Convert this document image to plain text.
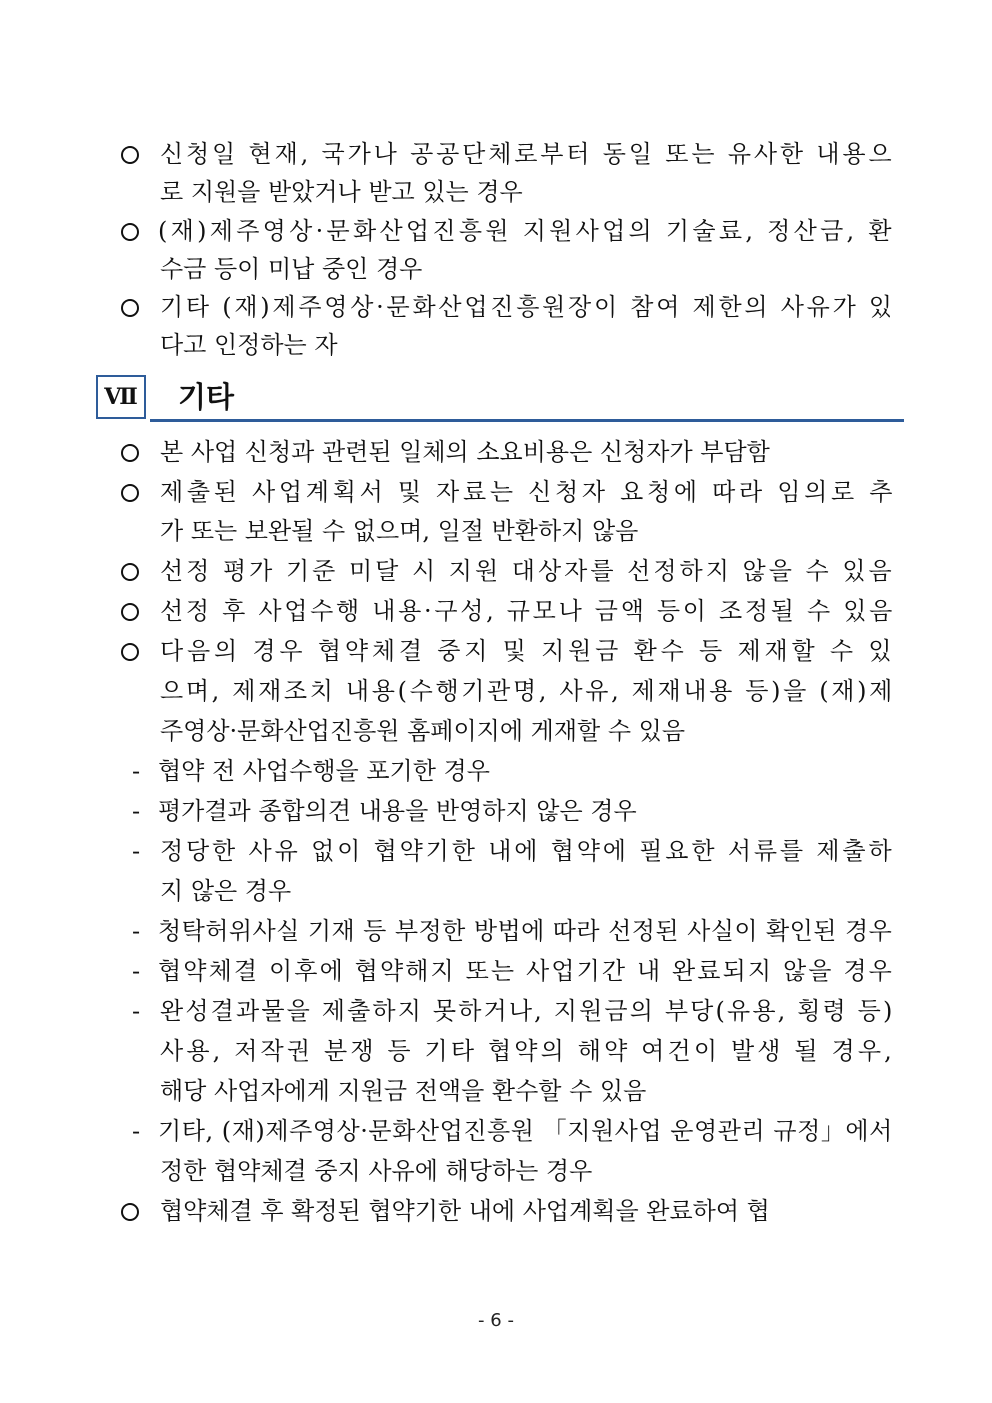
신청일 현재, 국가나 공공단체로부터 동일 또는 유사한 내용으
로 지원을 받았거나 받고 있는 경우
(재)제주영상·문화산업진흥원 지원사업의 기술료, 정산금, 환
수금 등이 미납 중인 경우
기타 (재)제주영상·문화산업진흥원장이 참여 제한의 사유가 있
다고 인정하는 자
Ⅶ 기타
본 사업 신청과 관련된 일체의 소요비용은 신청자가 부담함
제출된 사업계획서 및 자료는 신청자 요청에 따라 임의로 추
가 또는 보완될 수 없으며, 일절 반환하지 않음
선정 평가 기준 미달 시 지원 대상자를 선정하지 않을 수 있음
선정 후 사업수행 내용·구성, 규모나 금액 등이 조정될 수 있음
다음의 경우 협약체결 중지 및 지원금 환수 등 제재할 수 있
으며, 제재조치 내용(수행기관명, 사유, 제재내용 등)을 (재)제
주영상·문화산업진흥원 홈페이지에 게재할 수 있음
- 협약 전 사업수행을 포기한 경우
- 평가결과 종합의견 내용을 반영하지 않은 경우
- 정당한 사유 없이 협약기한 내에 협약에 필요한 서류를 제출하
지 않은 경우
- 청탁허위사실 기재 등 부정한 방법에 따라 선정된 사실이 확인된 경우
- 협약체결 이후에 협약해지 또는 사업기간 내 완료되지 않을 경우
- 완성결과물을 제출하지 못하거나, 지원금의 부당(유용, 횡령 등)
사용, 저작권 분쟁 등 기타 협약의 해약 여건이 발생 될 경우,
해당 사업자에게 지원금 전액을 환수할 수 있음
- 기타, (재)제주영상·문화산업진흥원 「지원사업 운영관리 규정」에서
정한 협약체결 중지 사유에 해당하는 경우
협약체결 후 확정된 협약기한 내에 사업계획을 완료하여 협
- 6 -
